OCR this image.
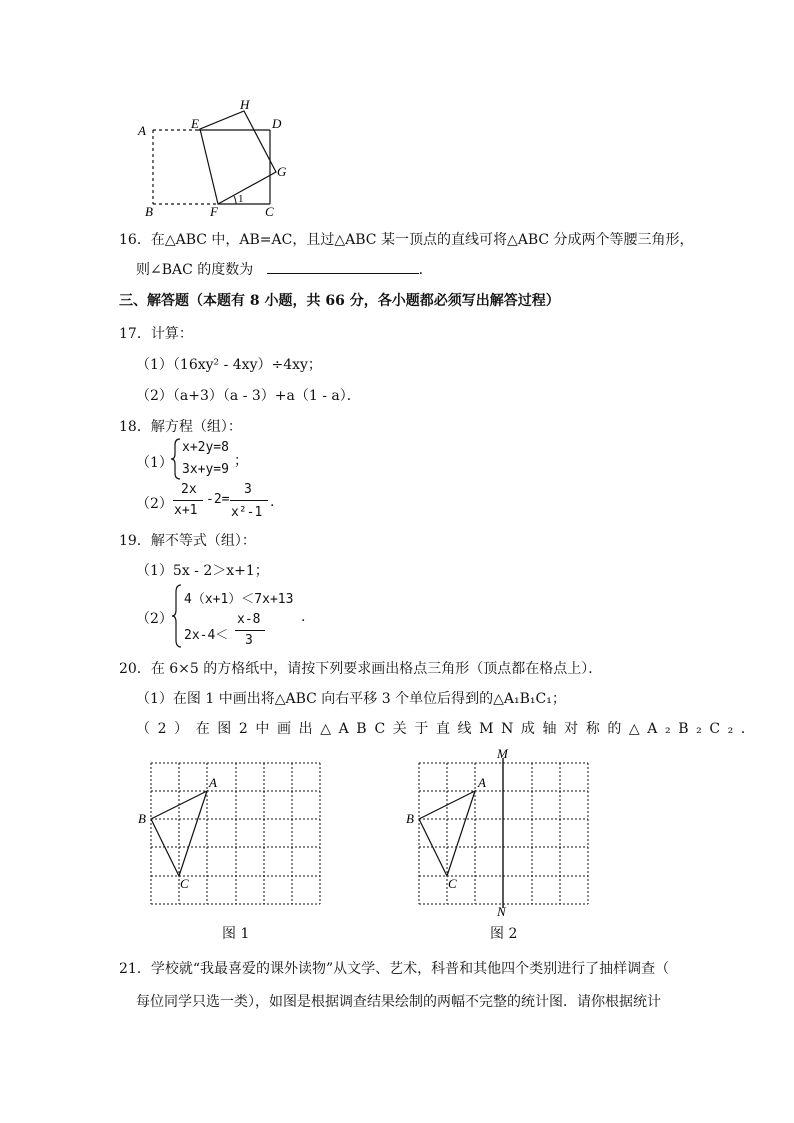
A
B	C
D
E
F
G
H
1
16．在△ABC 中，AB=AC，且过△ABC 某一顶点的直线可将△ABC 分成两个等腰三角形，
则∠BAC 的度数为	．
三、解答题（本题有 8 小题，共 66 分，各小题都必须写出解答过程）
17．计算：
（1）（16xy² - 4xy）÷4xy；
（2）（a+3）（a - 3）+a（1 - a）．
18．解方程（组）：
（1）
x+2y=8
3x+y=9
；
（2）
2x
x+1
-2=
3
x²-1
.
19．解不等式（组）：
（1）5x - 2＞x+1；
（2）
4（x+1）＜7x+13
2x-4＜
x-8
3
.
20．在 6×5 的方格纸中，请按下列要求画出格点三角形（顶点都在格点上）．
（1）在图 1 中画出将△ABC 向右平移 3 个单位后得到的△A₁B₁C₁；
（2）在图2中画出△ABC关于直线MN成轴对称的△A₂B₂C₂．
A
B
C
图 1
M
N
A
B
C
图 2
21．学校就“我最喜爱的课外读物”从文学、艺术，科普和其他四个类别进行了抽样调查（
每位同学只选一类），如图是根据调查结果绘制的两幅不完整的统计图．请你根据统计
